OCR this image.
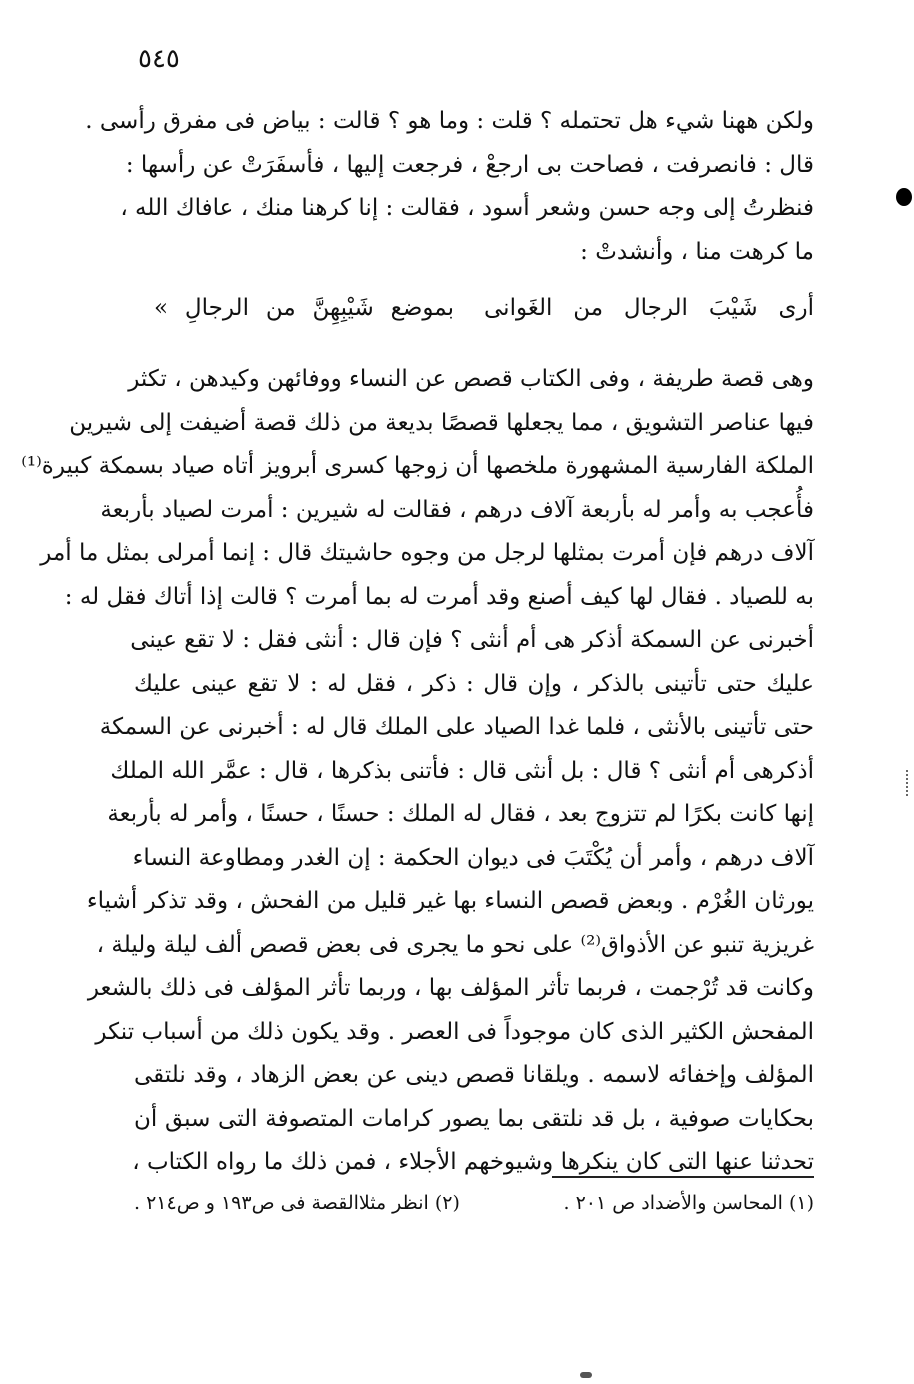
٥٤٥
ولكن ههنا شيء هل تحتمله ؟ قلت : وما هو ؟ قالت : بياض فى مفرق رأسى .
قال : فانصرفت ، فصاحت بى ارجعْ ، فرجعت إليها ، فأسفَرَتْ عن رأسها :
فنظرتُ إلى وجه حسن وشعر أسود ، فقالت : إنا كرهنا منك ، عافاك الله ،
ما كرهت منا ، وأنشدتْ :
أرى شَيْبَ الرجال من الغَوانى
بموضع شَيْبِهِنَّ من الرجالِ »
وهى قصة طريفة ، وفى الكتاب قصص عن النساء ووفائهن وكيدهن ، تكثر
فيها عناصر التشويق ، مما يجعلها قصصًا بديعة من ذلك قصة أضيفت إلى شيرين
الملكة الفارسية المشهورة ملخصها أن زوجها كسرى أبرويز أتاه صياد بسمكة كبيرة⁽¹⁾
فأُعجب به وأمر له بأربعة آلاف درهم ، فقالت له شيرين : أمرت لصياد بأربعة
آلاف درهم فإن أمرت بمثلها لرجل من وجوه حاشيتك قال : إنما أمرلى بمثل ما أمر
به للصياد . فقال لها كيف أصنع وقد أمرت له بما أمرت ؟ قالت إذا أتاك فقل له :
أخبرنى عن السمكة أذكر هى أم أنثى ؟ فإن قال : أنثى فقل : لا تقع عينى
عليك حتى تأتينى بالذكر ، وإن قال : ذكر ، فقل له : لا تقع عينى عليك
حتى تأتينى بالأنثى ، فلما غدا الصياد على الملك قال له : أخبرنى عن السمكة
أذكرهى أم أنثى ؟ قال : بل أنثى قال : فأتنى بذكرها ، قال : عمَّر الله الملك
إنها كانت بكرًا لم تتزوج بعد ، فقال له الملك : حسنًا ، حسنًا ، وأمر له بأربعة
آلاف درهم ، وأمر أن يُكْتَبَ فى ديوان الحكمة : إن الغدر ومطاوعة النساء
يورثان الغُرْم . وبعض قصص النساء بها غير قليل من الفحش ، وقد تذكر أشياء
غريزية تنبو عن الأذواق⁽²⁾ على نحو ما يجرى فى بعض قصص ألف ليلة وليلة ،
وكانت قد تُرْجمت ، فربما تأثر المؤلف بها ، وربما تأثر المؤلف فى ذلك بالشعر
المفحش الكثير الذى كان موجوداً فى العصر . وقد يكون ذلك من أسباب تنكر
المؤلف وإخفائه لاسمه . ويلقانا قصص دينى عن بعض الزهاد ، وقد نلتقى
بحكايات صوفية ، بل قد نلتقى بما يصور كرامات المتصوفة التى سبق أن
تحدثنا عنها التى كان ينكرها وشيوخهم الأجلاء ، فمن ذلك ما رواه الكتاب ،
(١) المحاسن والأضداد ص ٢٠١ .
(٢) انظر مثلاالقصة فى ص١٩٣ و ص٢١٤ .
